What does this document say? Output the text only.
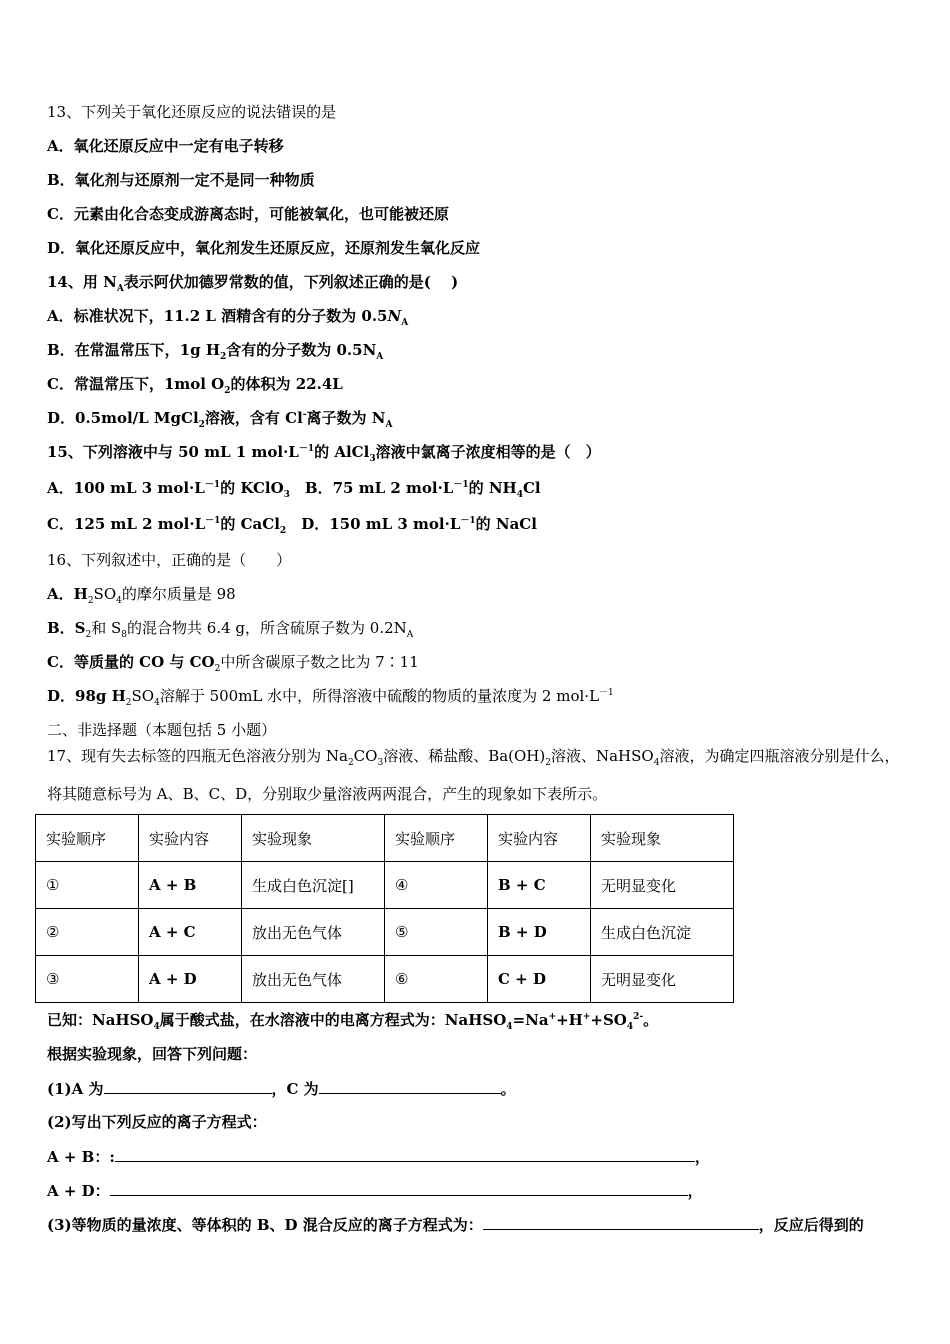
13、下列关于氧化还原反应的说法错误的是
A．氧化还原反应中一定有电子转移
B．氧化剂与还原剂一定不是同一种物质
C．元素由化合态变成游离态时，可能被氧化，也可能被还原
D．氧化还原反应中，氧化剂发生还原反应，还原剂发生氧化反应
14、用 $N_A$表示阿伏加德罗常数的值，下列叙述正确的是(　 )
A．标准状况下，11.2 L 酒精含有的分子数为 $0.5N_A$
B．在常温常压下，1g $H_2$含有的分子数为 $0.5N_A$
C．常温常压下，1mol $O_2$的体积为 22.4L
D．0.5mol/L MgCl$_2$溶液，含有 Cl-离子数为 $N_A$
15、下列溶液中与 50 mL 1 $mol\cdot L^{-1}$的 AlCl$_3$溶液中氯离子浓度相等的是（　）
A．100 mL 3 $mol\cdot L^{-1}$的 KClO$_3$　B．75 mL 2 $mol\cdot L^{-1}$的 $NH_4Cl$
C．125 mL 2 $mol\cdot L^{-1}$的 CaCl$_2$　D．150 mL 3 $mol\cdot L^{-1}$的 NaCl
16、下列叙述中，正确的是（　　）
A．$H_2SO_4$的摩尔质量是 98
B．$S_2$和 $S_8$的混合物共 6.4 g，所含硫原子数为 $0.2N_A$
C．等质量的 CO 与 $CO_2$中所含碳原子数之比为 7∶11
D．98g $H_2SO_4$溶解于 500mL 水中，所得溶液中硫酸的物质的量浓度为 2 $mol\cdot L^{-1}$
二、非选择题（本题包括 5 小题）
17、现有失去标签的四瓶无色溶液分别为 $Na_2CO_3$溶液、稀盐酸、$Ba(OH)_2$溶液、NaHSO$_4$溶液，为确定四瓶溶液分别是什么，
将其随意标号为 A、B、C、D，分别取少量溶液两两混合，产生的现象如下表所示。
实验顺序	实验内容	实验现象	实验顺序	实验内容	实验现象
①	A + B	生成白色沉淀[]	④	B + C	无明显变化
②	A + C	放出无色气体	⑤	B + D	生成白色沉淀
③	A + D	放出无色气体	⑥	C + D	无明显变化
已知：NaHSO$_4$属于酸式盐，在水溶液中的电离方程式为：$NaHSO_4=Na^++H^++SO_4^{2-}$。
根据实验现象，回答下列问题：
(1)A 为	，C 为	。
(2)写出下列反应的离子方程式：
A + B：:	，
A + D：	，
(3)等物质的量浓度、等体积的 B、D 混合反应的离子方程式为：	，反应后得到的
